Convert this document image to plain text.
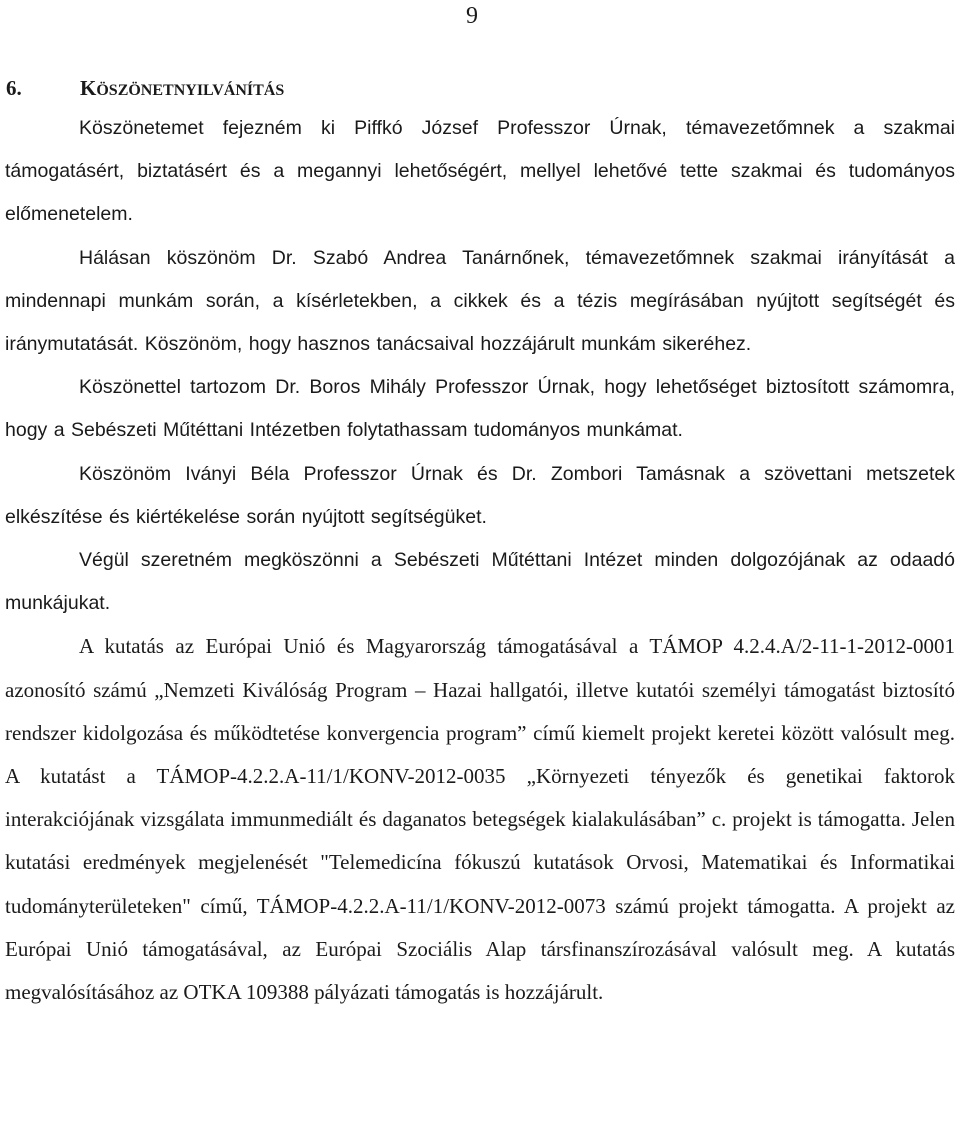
9
6.	KÖSZÖNETNYILVÁNÍTÁS

Köszönetemet fejezném ki Piffkó József Professzor Úrnak, témavezetőmnek a szakmai támogatásért, biztatásért és a megannyi lehetőségért, mellyel lehetővé tette szakmai és tudományos előmenetelem.

Hálásan köszönöm Dr. Szabó Andrea Tanárnőnek, témavezetőmnek szakmai irányítását a mindennapi munkám során, a kísérletekben, a cikkek és a tézis megírásában nyújtott segítségét és iránymutatását. Köszönöm, hogy hasznos tanácsaival hozzájárult munkám sikeréhez.

Köszönettel tartozom Dr. Boros Mihály Professzor Úrnak, hogy lehetőséget biztosított számomra, hogy a Sebészeti Műtéttani Intézetben folytathassam tudományos munkámat.

Köszönöm Iványi Béla Professzor Úrnak és Dr. Zombori Tamásnak a szövettani metszetek elkészítése és kiértékelése során nyújtott segítségüket.

Végül szeretném megköszönni a Sebészeti Műtéttani Intézet minden dolgozójának az odaadó munkájukat.

A kutatás az Európai Unió és Magyarország támogatásával a TÁMOP 4.2.4.A/2-11-1-2012-0001 azonosító számú „Nemzeti Kiválóság Program – Hazai hallgatói, illetve kutatói személyi támogatást biztosító rendszer kidolgozása és működtetése konvergencia program” című kiemelt projekt keretei között valósult meg. A kutatást a TÁMOP-4.2.2.A-11/1/KONV-2012-0035 „Környezeti tényezők és genetikai faktorok interakciójának vizsgálata immunmediált és daganatos betegségek kialakulásában” c. projekt is támogatta. Jelen kutatási eredmények megjelenését "Telemedicína fókuszú kutatások Orvosi, Matematikai és Informatikai tudományterületeken" című, TÁMOP-4.2.2.A-11/1/KONV-2012-0073 számú projekt támogatta. A projekt az Európai Unió támogatásával, az Európai Szociális Alap társfinanszírozásával valósult meg. A kutatás megvalósításához az OTKA 109388 pályázati támogatás is hozzájárult.
